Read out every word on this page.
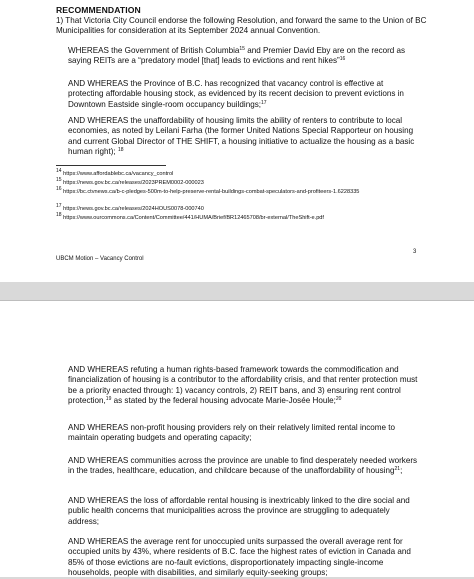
RECOMMENDATION

1) That Victoria City Council endorse the following Resolution, and forward the same to the Union of BC Municipalities for consideration at its September 2024 annual Convention.

WHEREAS the Government of British Columbia$^{15}$ and Premier David Eby are on the record as saying REITs are a “predatory model [that] leads to evictions and rent hikes”$^{16}$

AND WHEREAS the Province of B.C. has recognized that vacancy control is effective at protecting affordable housing stock, as evidenced by its recent decision to prevent evictions in Downtown Eastside single-room occupancy buildings;$^{17}$

AND WHEREAS the unaffordability of housing limits the ability of renters to contribute to local economies, as noted by Leilani Farha (the former United Nations Special Rapporteur on housing and current Global Director of THE SHIFT, a housing initiative to actualize the housing as a basic human right); $^{18}$

$^{14}$ https://www.affordablebc.ca/vacancy_control

$^{15}$ https://news.gov.bc.ca/releases/2023PREM0002-000023

$^{16}$ https://bc.ctvnews.ca/b-c-pledges-500m-to-help-preserve-rental-buildings-combat-speculators-and-profiteers-1.6228335

$^{17}$ https://news.gov.bc.ca/releases/2024HOUS0078-000740

$^{18}$ https://www.ourcommons.ca/Content/Committee/441/HUMA/Brief/BR12465708/br-external/TheShift-e.pdf

3
UBCM Motion – Vacancy Control

AND WHEREAS refuting a human rights-based framework towards the commodification and financialization of housing is a contributor to the affordability crisis, and that renter protection must be a priority enacted through: 1) vacancy controls, 2) REIT bans, and 3) ensuring rent control protection,$^{19}$ as stated by the federal housing advocate Marie-Josée Houle;$^{20}$

AND WHEREAS non-profit housing providers rely on their relatively limited rental income to maintain operating budgets and operating capacity;

AND WHEREAS communities across the province are unable to find desperately needed workers in the trades, healthcare, education, and childcare because of the unaffordability of housing$^{21}$;

AND WHEREAS the loss of affordable rental housing is inextricably linked to the dire social and public health concerns that municipalities across the province are struggling to adequately address;

AND WHEREAS the average rent for unoccupied units surpassed the overall average rent for occupied units by 43%, where residents of B.C. face the highest rates of eviction in Canada and 85% of those evictions are no-fault evictions, disproportionately impacting single-income households, people with disabilities, and similarly equity-seeking groups;
